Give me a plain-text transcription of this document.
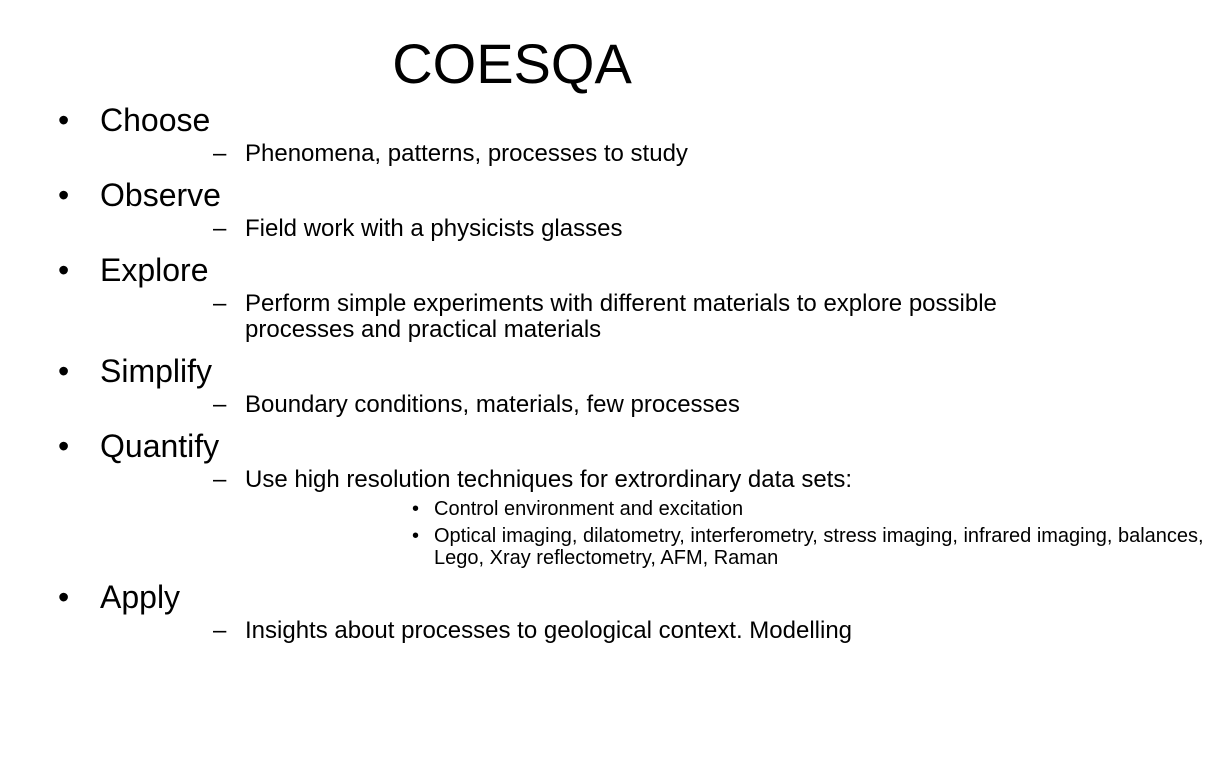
COESQA
• Choose
– Phenomena, patterns, processes to study
• Observe
– Field work with a physicists glasses
• Explore
– Perform simple experiments with different materials to explore possible processes and practical materials
• Simplify
– Boundary conditions, materials, few processes
• Quantify
– Use high resolution techniques for extrordinary data sets:
• Control environment and excitation
• Optical imaging, dilatometry, interferometry, stress imaging, infrared imaging, balances, Lego, Xray reflectometry, AFM, Raman
• Apply
– Insights about processes to geological context. Modelling
